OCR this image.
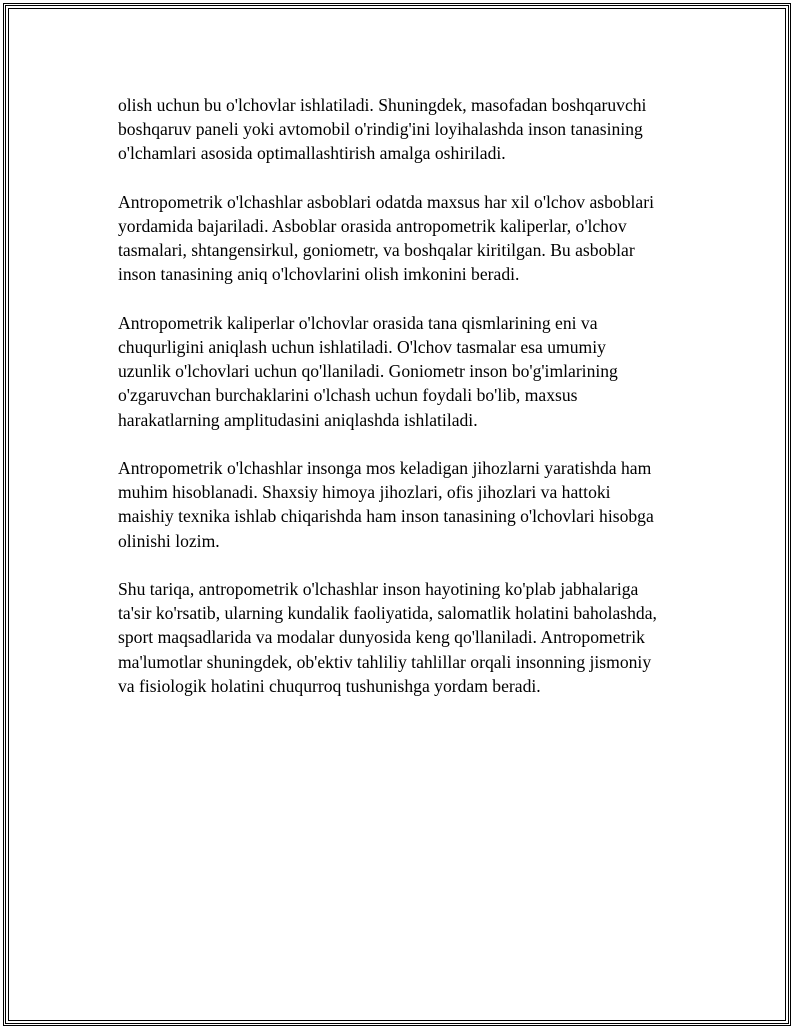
olish uchun bu o'lchovlar ishlatiladi. Shuningdek, masofadan boshqaruvchi
boshqaruv paneli yoki avtomobil o'rindig'ini loyihalashda inson tanasining
o'lchamlari asosida optimallashtirish amalga oshiriladi.

Antropometrik o'lchashlar asboblari odatda maxsus har xil o'lchov asboblari
yordamida bajariladi. Asboblar orasida antropometrik kaliperlar, o'lchov
tasmalari, shtangensirkul, goniometr, va boshqalar kiritilgan. Bu asboblar
inson tanasining aniq o'lchovlarini olish imkonini beradi.

Antropometrik kaliperlar o'lchovlar orasida tana qismlarining eni va
chuqurligini aniqlash uchun ishlatiladi. O'lchov tasmalar esa umumiy
uzunlik o'lchovlari uchun qo'llaniladi. Goniometr inson bo'g'imlarining
o'zgaruvchan burchaklarini o'lchash uchun foydali bo'lib, maxsus
harakatlarning amplitudasini aniqlashda ishlatiladi.

Antropometrik o'lchashlar insonga mos keladigan jihozlarni yaratishda ham
muhim hisoblanadi. Shaxsiy himoya jihozlari, ofis jihozlari va hattoki
maishiy texnika ishlab chiqarishda ham inson tanasining o'lchovlari hisobga
olinishi lozim.

Shu tariqa, antropometrik o'lchashlar inson hayotining ko'plab jabhalariga
ta'sir ko'rsatib, ularning kundalik faoliyatida, salomatlik holatini baholashda,
sport maqsadlarida va modalar dunyosida keng qo'llaniladi. Antropometrik
ma'lumotlar shuningdek, ob'ektiv tahliliy tahlillar orqali insonning jismoniy
va fisiologik holatini chuqurroq tushunishga yordam beradi.
